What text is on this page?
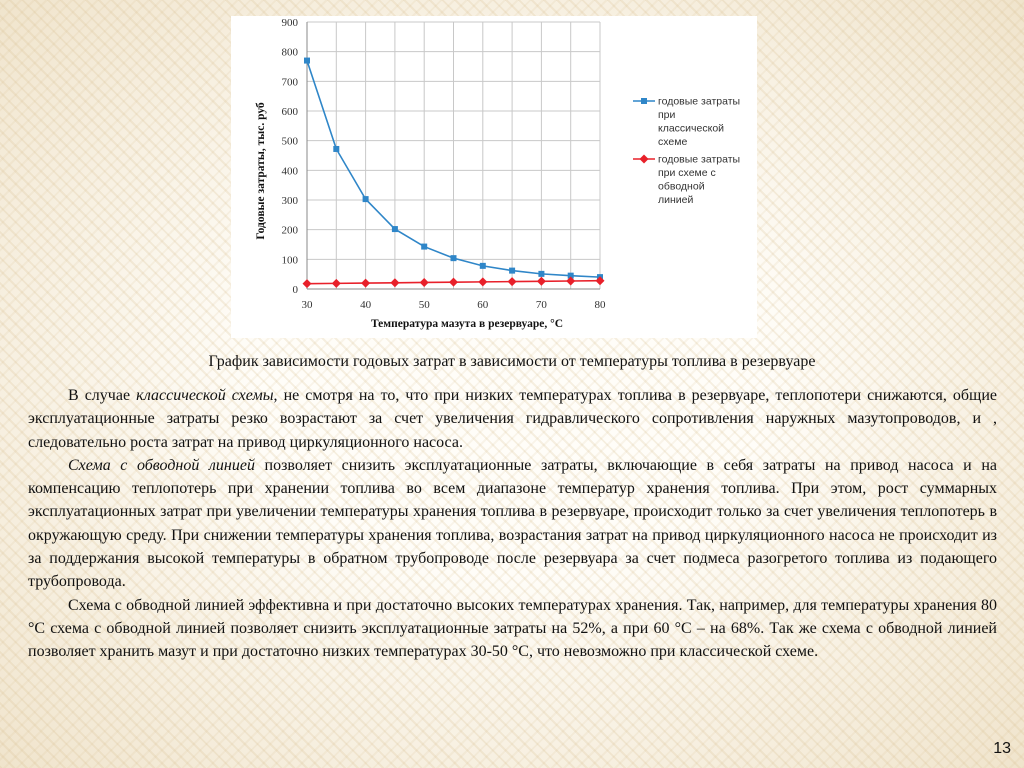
0
100
200
300
400
500
600
700
800
900
30	40	50	60	70	80
годовые затраты
при
классической
схеме
годовые затраты
при схеме с
обводной
линией
Годовые затраты, тыс. руб
Температура мазута в резервуаре, °С
График зависимости годовых затрат в зависимости от температуры топлива в резервуаре

В случае классической схемы, не смотря на то, что при низких температурах топлива в резервуаре, теплопотери снижаются, общие эксплуатационные затраты резко возрастают за счет увеличения гидравлического сопротивления наружных мазутопроводов, и , следовательно роста затрат на привод циркуляционного насоса.

Схема с обводной линией позволяет снизить эксплуатационные затраты, включающие в себя затраты на привод насоса и на компенсацию теплопотерь при хранении топлива во всем диапазоне температур хранения топлива. При этом, рост суммарных эксплуатационных затрат при увеличении температуры хранения топлива в резервуаре, происходит только за счет увеличения теплопотерь в окружающую среду. При снижении температуры хранения топлива, возрастания затрат на привод циркуляционного насоса не происходит из за поддержания высокой температуры в обратном трубопроводе после резервуара за счет подмеса разогретого топлива из подающего трубопровода.

Схема с обводной линией эффективна и при достаточно высоких температурах хранения. Так, например, для температуры хранения 80 °С схема с обводной линией позволяет снизить эксплуатационные затраты на 52%, а при 60 °С – на 68%. Так же схема с обводной линией позволяет хранить мазут и при достаточно низких температурах 30-50 °С, что невозможно при классической схеме.

13
